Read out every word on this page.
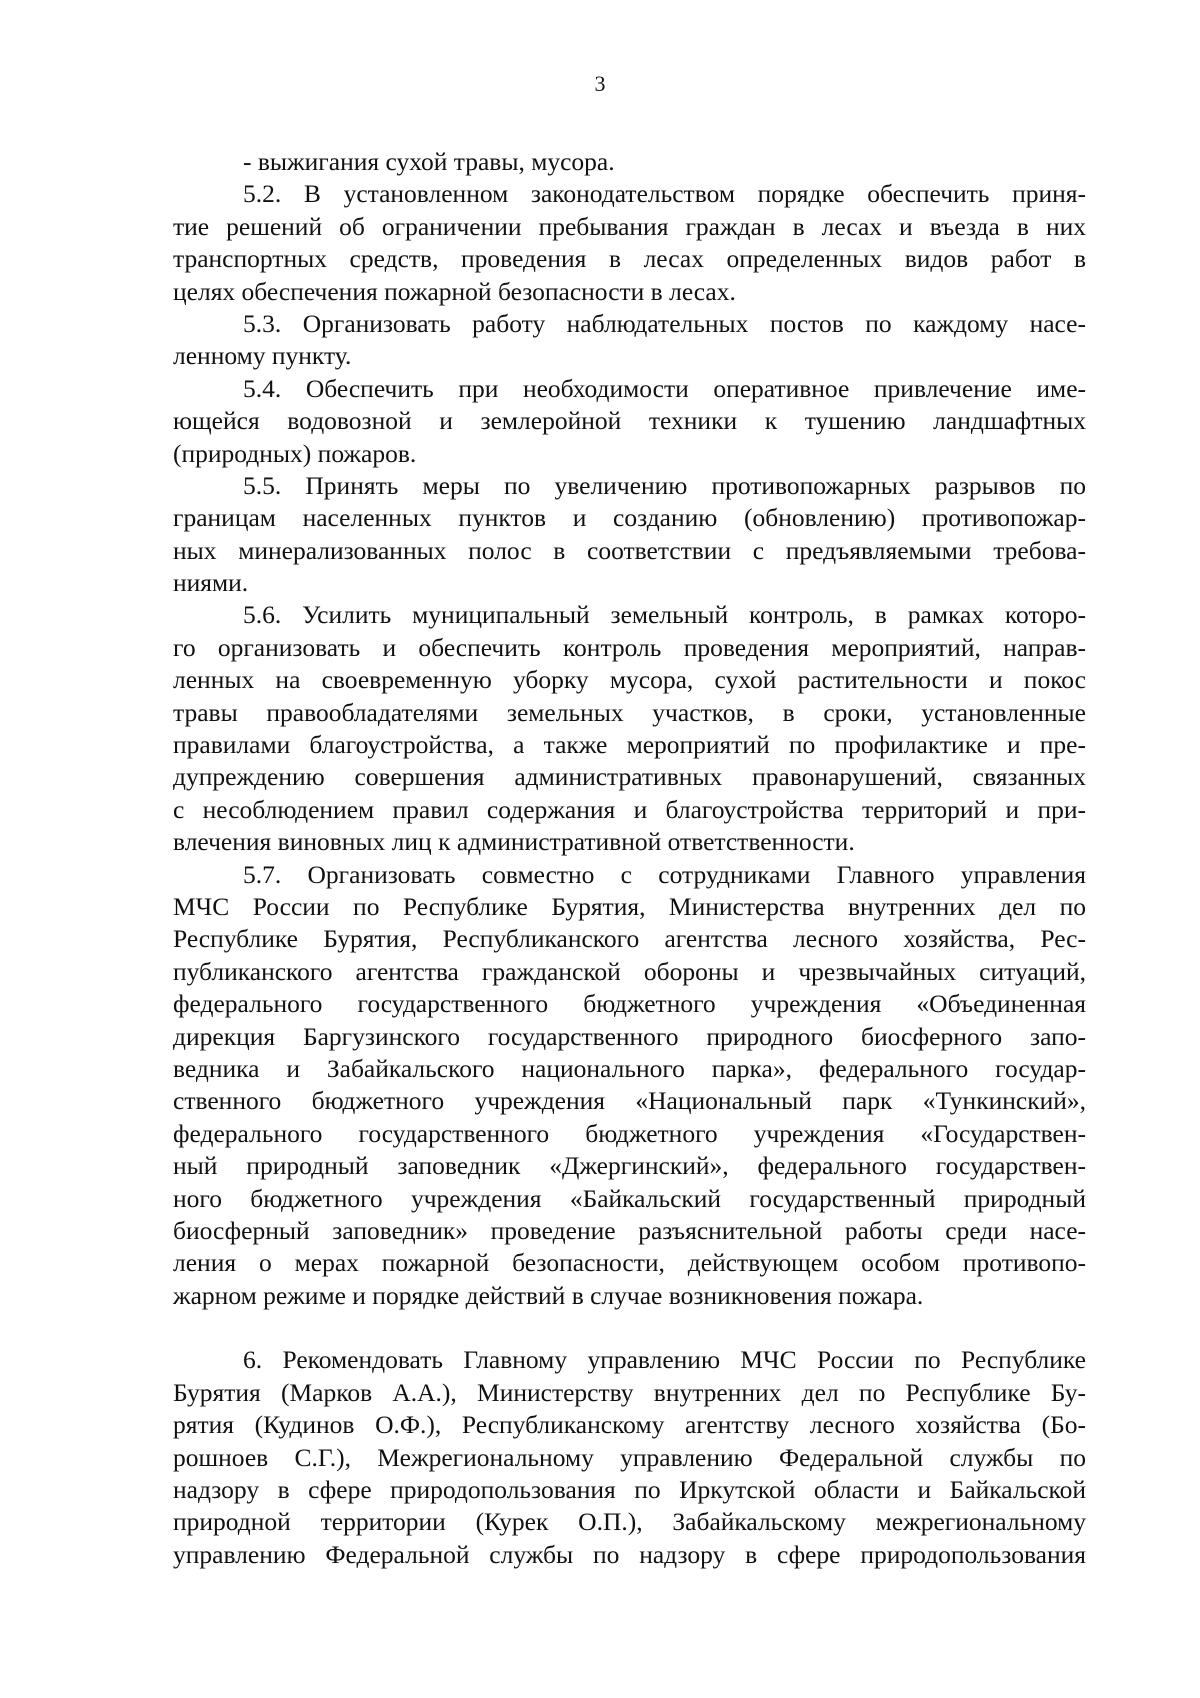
3
- выжигания сухой травы, мусора.
5.2. В установленном законодательством порядке обеспечить приня-
тие решений об ограничении пребывания граждан в лесах и въезда в них
транспортных средств, проведения в лесах определенных видов работ в
целях обеспечения пожарной безопасности в лесах.
5.3. Организовать работу наблюдательных постов по каждому насе-
ленному пункту.
5.4. Обеспечить при необходимости оперативное привлечение име-
ющейся водовозной и землеройной техники к тушению ландшафтных
(природных) пожаров.
5.5. Принять меры по увеличению противопожарных разрывов по
границам населенных пунктов и созданию (обновлению) противопожар-
ных минерализованных полос в соответствии с предъявляемыми требова-
ниями.
5.6. Усилить муниципальный земельный контроль, в рамках которо-
го организовать и обеспечить контроль проведения мероприятий, направ-
ленных на своевременную уборку мусора, сухой растительности и покос
травы правообладателями земельных участков, в сроки, установленные
правилами благоустройства, а также мероприятий по профилактике и пре-
дупреждению совершения административных правонарушений, связанных
с несоблюдением правил содержания и благоустройства территорий и при-
влечения виновных лиц к административной ответственности.
5.7. Организовать совместно с сотрудниками Главного управления
МЧС России по Республике Бурятия, Министерства внутренних дел по
Республике Бурятия, Республиканского агентства лесного хозяйства, Рес-
публиканского агентства гражданской обороны и чрезвычайных ситуаций,
федерального государственного бюджетного учреждения «Объединенная
дирекция Баргузинского государственного природного биосферного запо-
ведника и Забайкальского национального парка», федерального государ-
ственного бюджетного учреждения «Национальный парк «Тункинский»,
федерального государственного бюджетного учреждения «Государствен-
ный природный заповедник «Джергинский», федерального государствен-
ного бюджетного учреждения «Байкальский государственный природный
биосферный заповедник» проведение разъяснительной работы среди насе-
ления о мерах пожарной безопасности, действующем особом противопо-
жарном режиме и порядке действий в случае возникновения пожара.
6. Рекомендовать Главному управлению МЧС России по Республике
Бурятия (Марков А.А.), Министерству внутренних дел по Республике Бу-
рятия (Кудинов О.Ф.), Республиканскому агентству лесного хозяйства (Бо-
рошноев С.Г.), Межрегиональному управлению Федеральной службы по
надзору в сфере природопользования по Иркутской области и Байкальской
природной территории (Курек О.П.), Забайкальскому межрегиональному
управлению Федеральной службы по надзору в сфере природопользования
